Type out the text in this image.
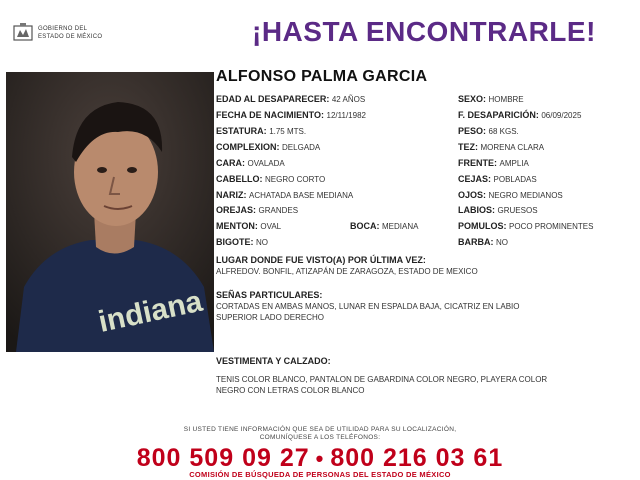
GOBIERNO DEL
ESTADO DE MÉXICO	¡HASTA ENCONTRARLE!
indiana
ALFONSO PALMA GARCIA
EDAD AL DESAPARECER: 42 AÑOS
FECHA DE NACIMIENTO: 12/11/1982
ESTATURA: 1.75 MTS.
COMPLEXION: DELGADA
CARA: OVALADA
CABELLO: NEGRO CORTO
NARIZ: ACHATADA BASE MEDIANA
OREJAS: GRANDES
MENTON: OVAL	BOCA: MEDIANA
BIGOTE: NO
SEXO: HOMBRE
F. DESAPARICIÓN: 06/09/2025
PESO: 68 KGS.
TEZ: MORENA CLARA
FRENTE: AMPLIA
CEJAS: POBLADAS
OJOS: NEGRO MEDIANOS
LABIOS: GRUESOS
POMULOS: POCO PROMINENTES
BARBA: NO
LUGAR DONDE FUE VISTO(A) POR ÚLTIMA VEZ:
ALFREDOV. BONFIL, ATIZAPÁN DE ZARAGOZA, ESTADO DE MEXICO
SEÑAS PARTICULARES:
CORTADAS EN AMBAS MANOS, LUNAR EN ESPALDA BAJA, CICATRIZ EN LABIO
SUPERIOR LADO DERECHO
VESTIMENTA Y CALZADO:
TENIS COLOR BLANCO, PANTALON DE GABARDINA COLOR NEGRO, PLAYERA COLOR
NEGRO CON LETRAS COLOR BLANCO
SI USTED TIENE INFORMACIÓN QUE SEA DE UTILIDAD PARA SU LOCALIZACIÓN,
COMUNÍQUESE A LOS TELÉFONOS:
800 509 09 27 • 800 216 03 61
COMISIÓN DE BÚSQUEDA DE PERSONAS DEL ESTADO DE MÉXICO
